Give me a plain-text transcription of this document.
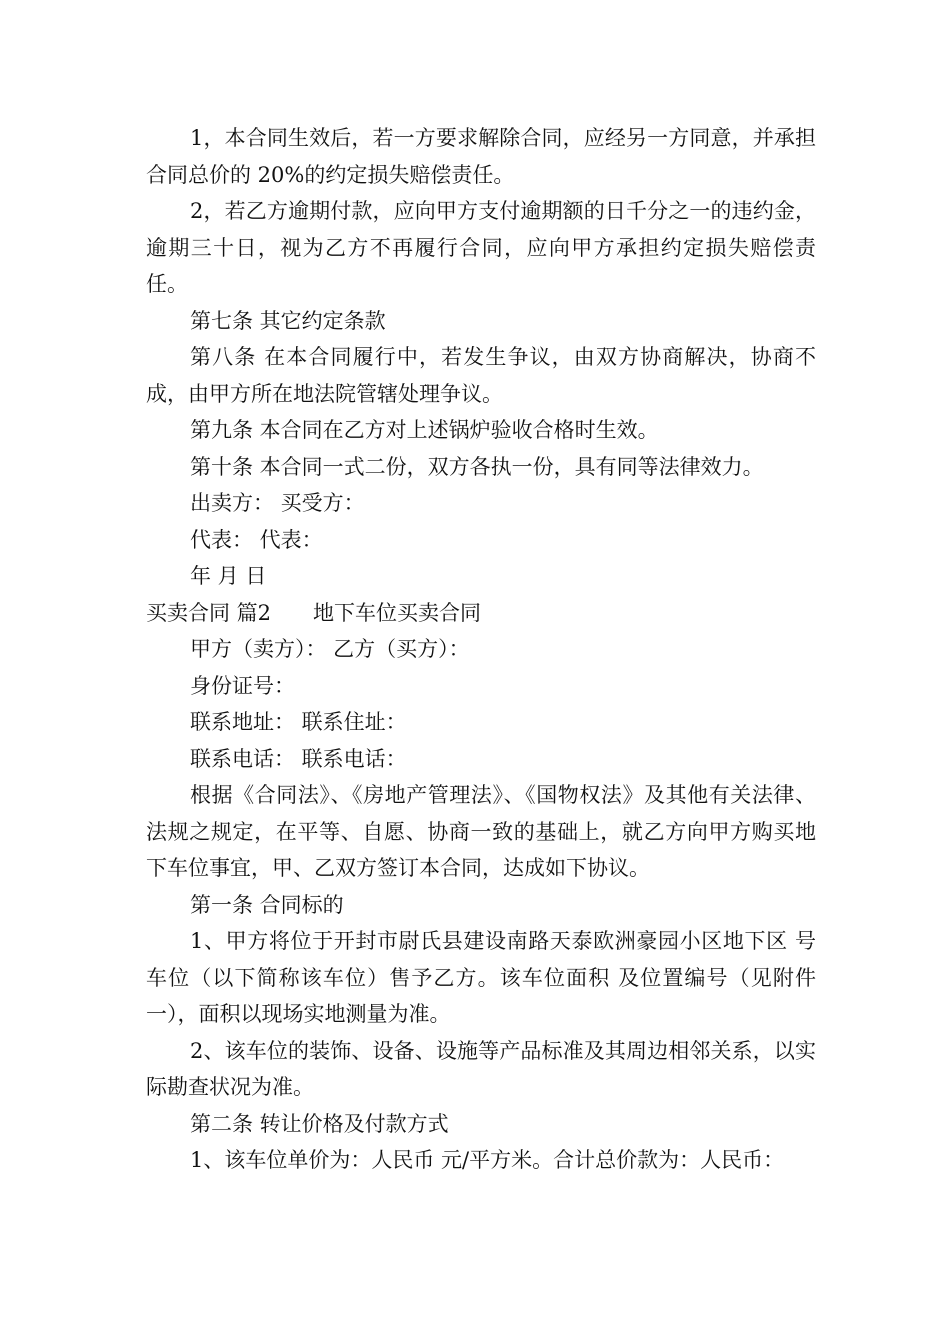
1，本合同生效后，若一方要求解除合同，应经另一方同意，并承担合同总价的 20%的约定损失赔偿责任。

2，若乙方逾期付款，应向甲方支付逾期额的日千分之一的违约金，逾期三十日，视为乙方不再履行合同，应向甲方承担约定损失赔偿责任。

第七条 其它约定条款

第八条 在本合同履行中，若发生争议，由双方协商解决，协商不成，由甲方所在地法院管辖处理争议。

第九条 本合同在乙方对上述锅炉验收合格时生效。

第十条 本合同一式二份，双方各执一份，具有同等法律效力。

出卖方： 买受方：

代表： 代表：

年 月 日

买卖合同 篇2　　地下车位买卖合同

甲方（卖方）： 乙方（买方）：

身份证号：

联系地址： 联系住址：

联系电话： 联系电话：

根据《合同法》、《房地产管理法》、《国物权法》及其他有关法律、法规之规定，在平等、自愿、协商一致的基础上，就乙方向甲方购买地下车位事宜，甲、乙双方签订本合同，达成如下协议。

第一条 合同标的

1、甲方将位于开封市尉氏县建设南路天泰欧洲豪园小区地下区 号车位（以下简称该车位）售予乙方。该车位面积 及位置编号（见附件一），面积以现场实地测量为准。

2、该车位的装饰、设备、设施等产品标准及其周边相邻关系，以实际勘查状况为准。

第二条 转让价格及付款方式

1、该车位单价为：人民币 元/平方米。合计总价款为：人民币：
